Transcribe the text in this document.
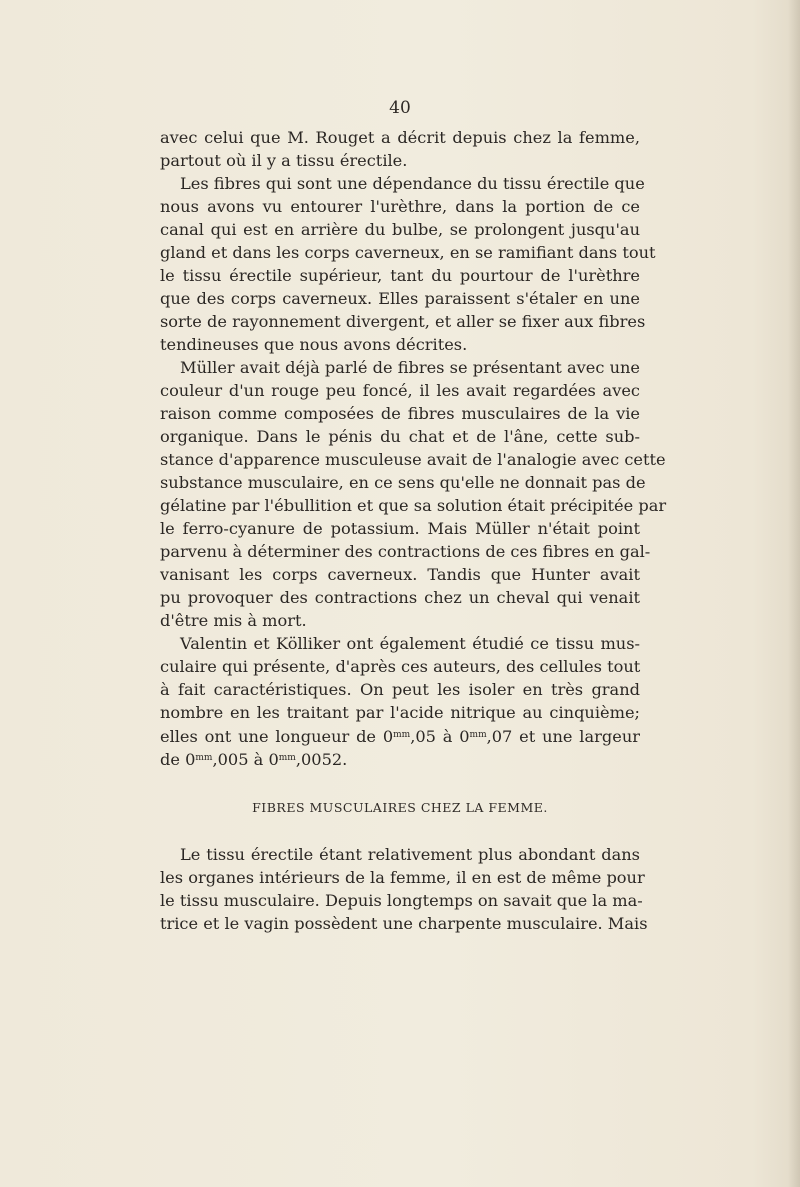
40
avec celui que M. Rouget a décrit depuis chez la femme,
partout où il y a tissu érectile.
Les fibres qui sont une dépendance du tissu érectile que
nous avons vu entourer l'urèthre, dans la portion de ce
canal qui est en arrière du bulbe, se prolongent jusqu'au
gland et dans les corps caverneux, en se ramifiant dans tout
le tissu érectile supérieur, tant du pourtour de l'urèthre
que des corps caverneux. Elles paraissent s'étaler en une
sorte de rayonnement divergent, et aller se fixer aux fibres
tendineuses que nous avons décrites.
Müller avait déjà parlé de fibres se présentant avec une
couleur d'un rouge peu foncé, il les avait regardées avec
raison comme composées de fibres musculaires de la vie
organique. Dans le pénis du chat et de l'âne, cette sub-
stance d'apparence musculeuse avait de l'analogie avec cette
substance musculaire, en ce sens qu'elle ne donnait pas de
gélatine par l'ébullition et que sa solution était précipitée par
le ferro-cyanure de potassium. Mais Müller n'était point
parvenu à déterminer des contractions de ces fibres en gal-
vanisant les corps caverneux. Tandis que Hunter avait
pu provoquer des contractions chez un cheval qui venait
d'être mis à mort.
Valentin et Kölliker ont également étudié ce tissu mus-
culaire qui présente, d'après ces auteurs, des cellules tout
à fait caractéristiques. On peut les isoler en très grand
nombre en les traitant par l'acide nitrique au cinquième;
elles ont une longueur de $0^{mm},05$ à $0^{mm},07$ et une largeur
de $0^{mm},005$ à $0^{mm},0052$.
FIBRES MUSCULAIRES CHEZ LA FEMME.
Le tissu érectile étant relativement plus abondant dans
les organes intérieurs de la femme, il en est de même pour
le tissu musculaire. Depuis longtemps on savait que la ma-
trice et le vagin possèdent une charpente musculaire. Mais
